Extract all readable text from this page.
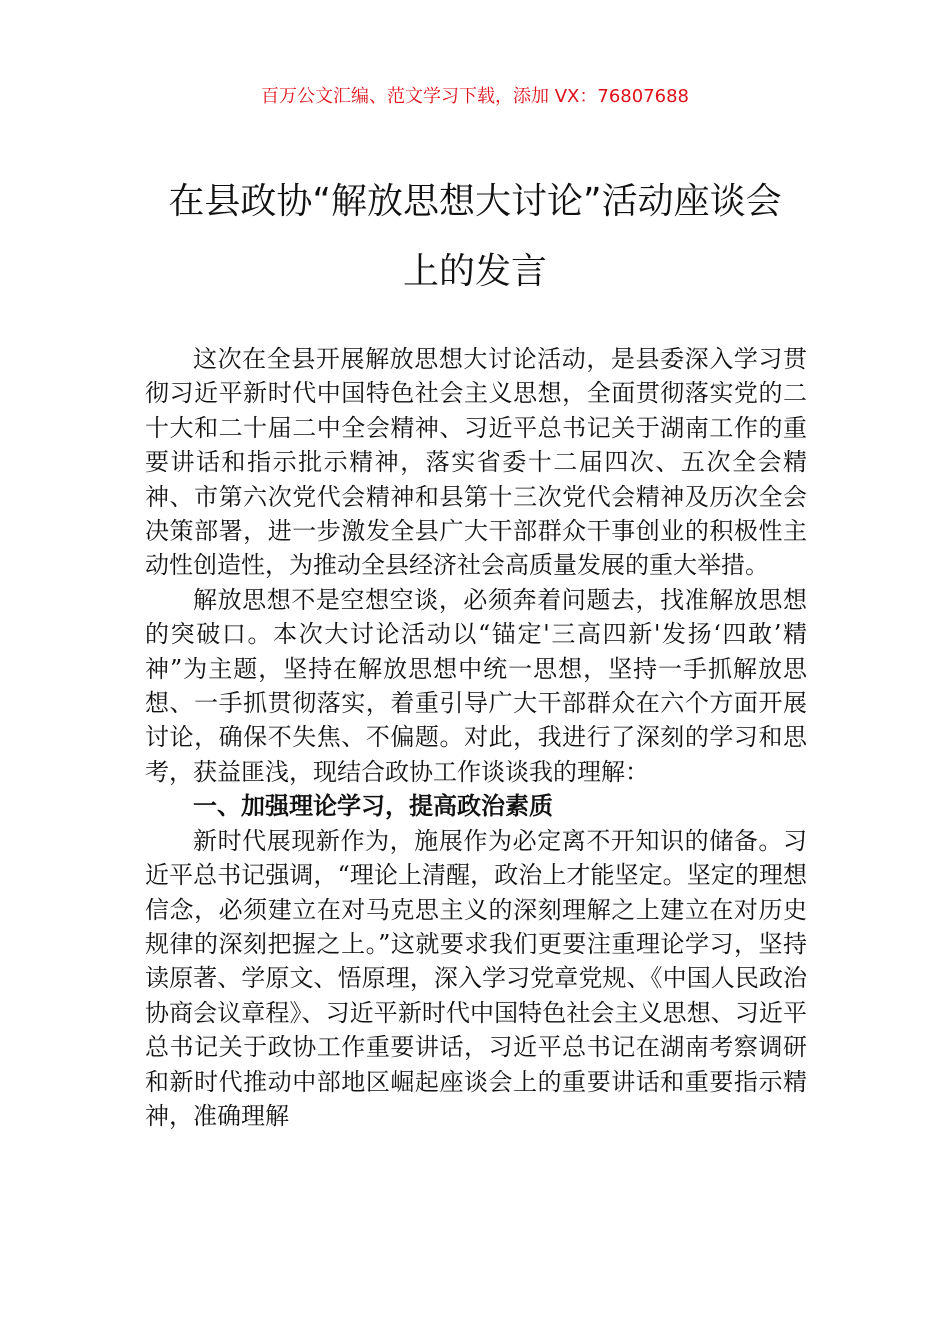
百万公文汇编、范文学习下载，添加 VX：76807688
在县政协“解放思想大讨论”活动座谈会
上的发言

这次在全县开展解放思想大讨论活动，是县委深入学习贯彻习近平新时代中国特色社会主义思想，全面贯彻落实党的二十大和二十届二中全会精神、习近平总书记关于湖南工作的重要讲话和指示批示精神，落实省委十二届四次、五次全会精神、市第六次党代会精神和县第十三次党代会精神及历次全会决策部署，进一步激发全县广大干部群众干事创业的积极性主动性创造性，为推动全县经济社会高质量发展的重大举措。

解放思想不是空想空谈，必须奔着问题去，找准解放思想的突破口。本次大讨论活动以“锚定'三高四新'发扬‘四敢’精神”为主题，坚持在解放思想中统一思想，坚持一手抓解放思想、一手抓贯彻落实，着重引导广大干部群众在六个方面开展讨论，确保不失焦、不偏题。对此，我进行了深刻的学习和思考，获益匪浅，现结合政协工作谈谈我的理解：

一、加强理论学习，提高政治素质

新时代展现新作为，施展作为必定离不开知识的储备。习近平总书记强调，“理论上清醒，政治上才能坚定。坚定的理想信念，必须建立在对马克思主义的深刻理解之上建立在对历史规律的深刻把握之上。”这就要求我们更要注重理论学习，坚持读原著、学原文、悟原理，深入学习党章党规、《中国人民政治协商会议章程》、习近平新时代中国特色社会主义思想、习近平总书记关于政协工作重要讲话，习近平总书记在湖南考察调研和新时代推动中部地区崛起座谈会上的重要讲话和重要指示精神，准确理解
